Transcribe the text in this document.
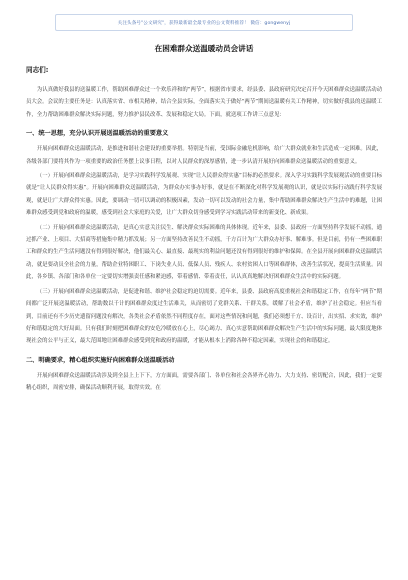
关注头条号"公文研究"，获得最新最全最专业的公文资料推荐！ 微信：gongwenyj
在困难群众送温暖动员会讲话

同志们:

为认真做好我县的送温暖工作，帮助困难群众过一个欢乐祥和的“两节”，根据省市要求，经县委、县政府研究决定召开今天困难群众送温暖活动动员大会。会议的主要任务是：认真落实省、市相关精神，结合全县实际，全面落实关于做好“两节”期间送温暖有关工作精神，切实做好我县的送温暖工作，全力帮助困难群众解决实际问题，努力推护县民改革、发展和稳定大局。下面，就送项工作讲三点意见：

一、统一思想，充分认识开展送温暖活动的重要意义

开展向困难群众送温暖活动，是推进和谐社会建设的重要举措。特别是当前，受国际金融危机影响，给广大群众就业和生活造成一定困难。因此，各级各部门要将其作为一项重要的政治任务摆上议事日程，以对人民群众的深厚感情，进一步认清开展好向困难群众送温暖活动的重要意义。

（一）开展向困难群众送温暖活动，是学习实践科学发展观、实现“让人民群众得实惠”目标的必然要求。深入学习实践科学发展观活动的重要目标就是“让人民群众得实惠”。开展向困难群众送温暖活动，为群众办实事办好事，就是在不断深化对科学发展观的认识，就是以实际行动践行科学发展观，就是让广大群众得实惠。因此，要调动一切可以调动的积极因素，发动一切可以发动的社会力量，集中帮助困难群众解决生产生活中的难题，让困难群众感受到党和政府的温暖，感受到社会大家庭的关爱，让广大群众切身感受到学习实践活动带来的新变化、新成果。

（二）开展向困难群众送温暖活动，是真心实意关注民生、解决群众实际困难的具体体现。近年来，县委、县政府一方面坚持科学发展不动摇，通过抓产业、上项目、大招商等措施集中精力抓发展；另一方面坚持改善民生不动摇，千方百计为广大群众办好事、解难事。但是目前，仍有一些困难职工和群众的生产生活问题没有得到很好解决，他们最关心、最直接、最现实的利益问题还没有得到很好的维护和保障。在全县开展向困难群众送温暖活动，就是要动员全社会的力量，帮助企业特困职工、下岗失业人员、低保人员、残疾人、农村贫困人口等困难群体，改善生活状况，提高生活质量。因此，各乡镇、各部门和各单位一定要切实增强责任感和紧迫感，带着感情、带着责任，认认真真地解决好困难群众生活中的实际问题。

（三）开展向困难群众送温暖活动，是促进和谐、维护社会稳定的迫切需要。近年来，县委、县政府高度重视社会和谐稳定工作，在每年“两节”期间都广泛开展送温暖活动，帮助数以千计的困难群众度过生活难关，从而密切了党群关系、干群关系，缓解了社会矛盾，维护了社会稳定。但应当看到，目前还有不少历史遗留问题没有解决，各类社会矛盾依然不同程度存在，面对这些情况和问题，我们必须想千方、设百计，出实招、求实效，维护好和谐稳定的大好局面。只有我们时刻把困难群众的安危冷暖放在心上，尽心竭力、真心实意帮助困难群众解决生产生活中的实际问题，最大限度地体现社会的公平与正义，最大范围地让困难群众感受到党和政府的温暖，才能从根本上消除各种不稳定因素，实现社会的和谐稳定。

二、明确要求，精心组织实施好向困难群众送温暖活动

开展向困难群众送温暖活动涉及到全县上上下下，方方面面，需要各部门、各单位和社会各界齐心协力、大力支持、密切配合，因此，我们一定要精心组织，周密安排，确保活动顺利开展，取得实效。在
